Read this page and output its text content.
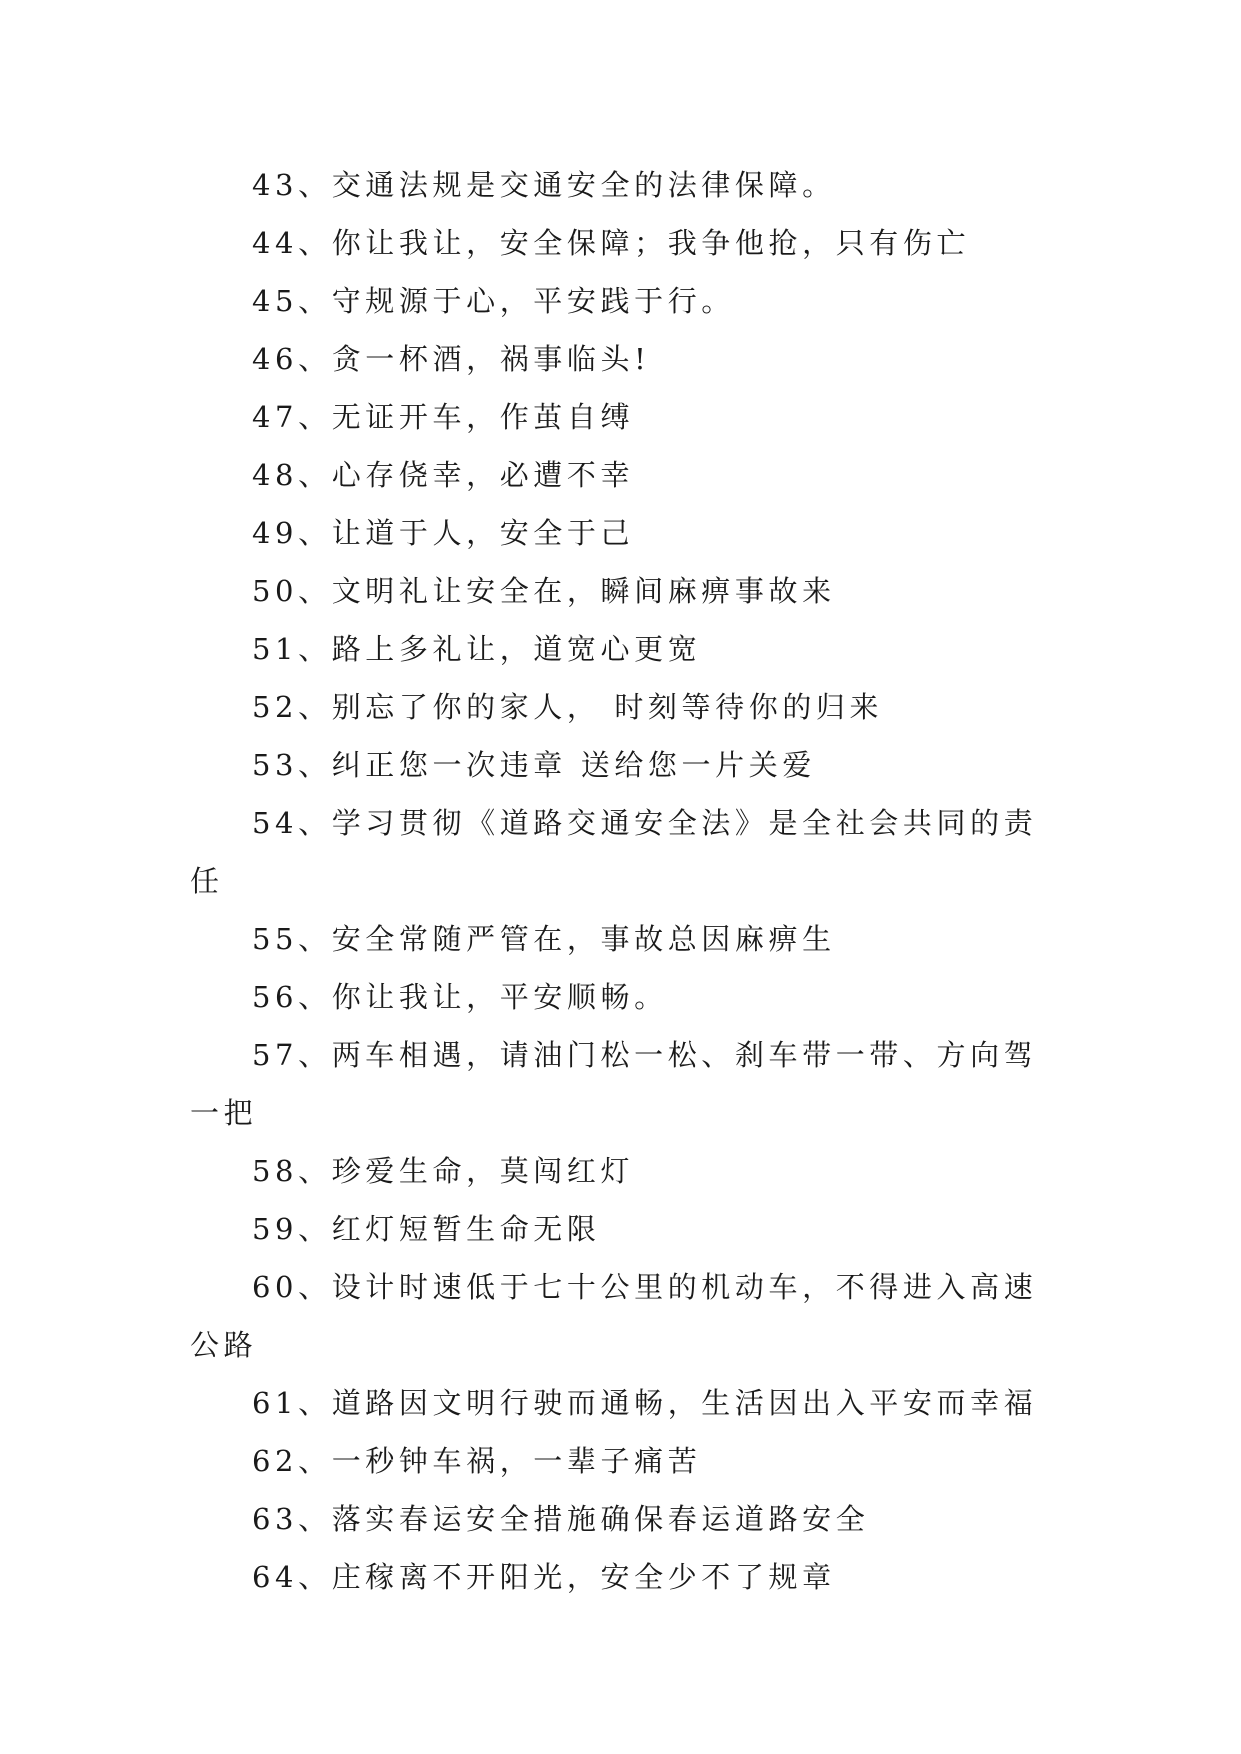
43、交通法规是交通安全的法律保障。

44、你让我让，安全保障；我争他抢，只有伤亡

45、守规源于心，平安践于行。

46、贪一杯酒，祸事临头!

47、无证开车，作茧自缚

48、心存侥幸，必遭不幸

49、让道于人，安全于己

50、文明礼让安全在，瞬间麻痹事故来

51、路上多礼让，道宽心更宽

52、别忘了你的家人， 时刻等待你的归来

53、纠正您一次违章 送给您一片关爱

54、学习贯彻《道路交通安全法》是全社会共同的责任

55、安全常随严管在，事故总因麻痹生

56、你让我让，平安顺畅。

57、两车相遇，请油门松一松、刹车带一带、方向驾一把

58、珍爱生命，莫闯红灯

59、红灯短暂生命无限

60、设计时速低于七十公里的机动车，不得进入高速公路

61、道路因文明行驶而通畅，生活因出入平安而幸福

62、一秒钟车祸，一辈子痛苦

63、落实春运安全措施确保春运道路安全

64、庄稼离不开阳光，安全少不了规章
